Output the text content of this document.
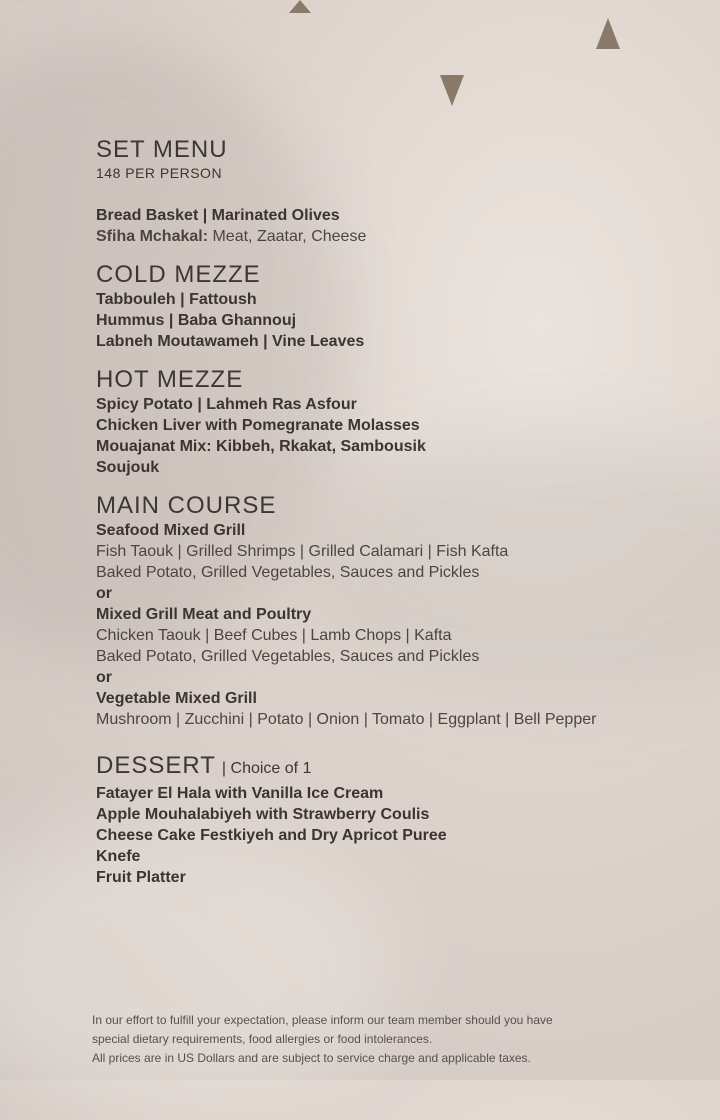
SET MENU

148 PER PERSON

Bread Basket | Marinated Olives

Sfiha Mchakal: Meat, Zaatar, Cheese

COLD MEZZE

Tabbouleh | Fattoush

Hummus | Baba Ghannouj

Labneh Moutawameh | Vine Leaves

HOT MEZZE

Spicy Potato | Lahmeh Ras Asfour

Chicken Liver with Pomegranate Molasses

Mouajanat Mix: Kibbeh, Rkakat, Sambousik

Soujouk

MAIN COURSE

Seafood Mixed Grill

Fish Taouk | Grilled Shrimps | Grilled Calamari | Fish Kafta

Baked Potato, Grilled Vegetables, Sauces and Pickles

or

Mixed Grill Meat and Poultry

Chicken Taouk | Beef Cubes | Lamb Chops | Kafta

Baked Potato, Grilled Vegetables, Sauces and Pickles

or

Vegetable Mixed Grill

Mushroom | Zucchini | Potato | Onion | Tomato | Eggplant | Bell Pepper

DESSERT | Choice of 1

Fatayer El Hala with Vanilla Ice Cream

Apple Mouhalabiyeh with Strawberry Coulis

Cheese Cake Festkiyeh and Dry Apricot Puree

Knefe

Fruit Platter

In our effort to fulfill your expectation, please inform our team member should you have

special dietary requirements, food allergies or food intolerances.

All prices are in US Dollars and are subject to service charge and applicable taxes.
